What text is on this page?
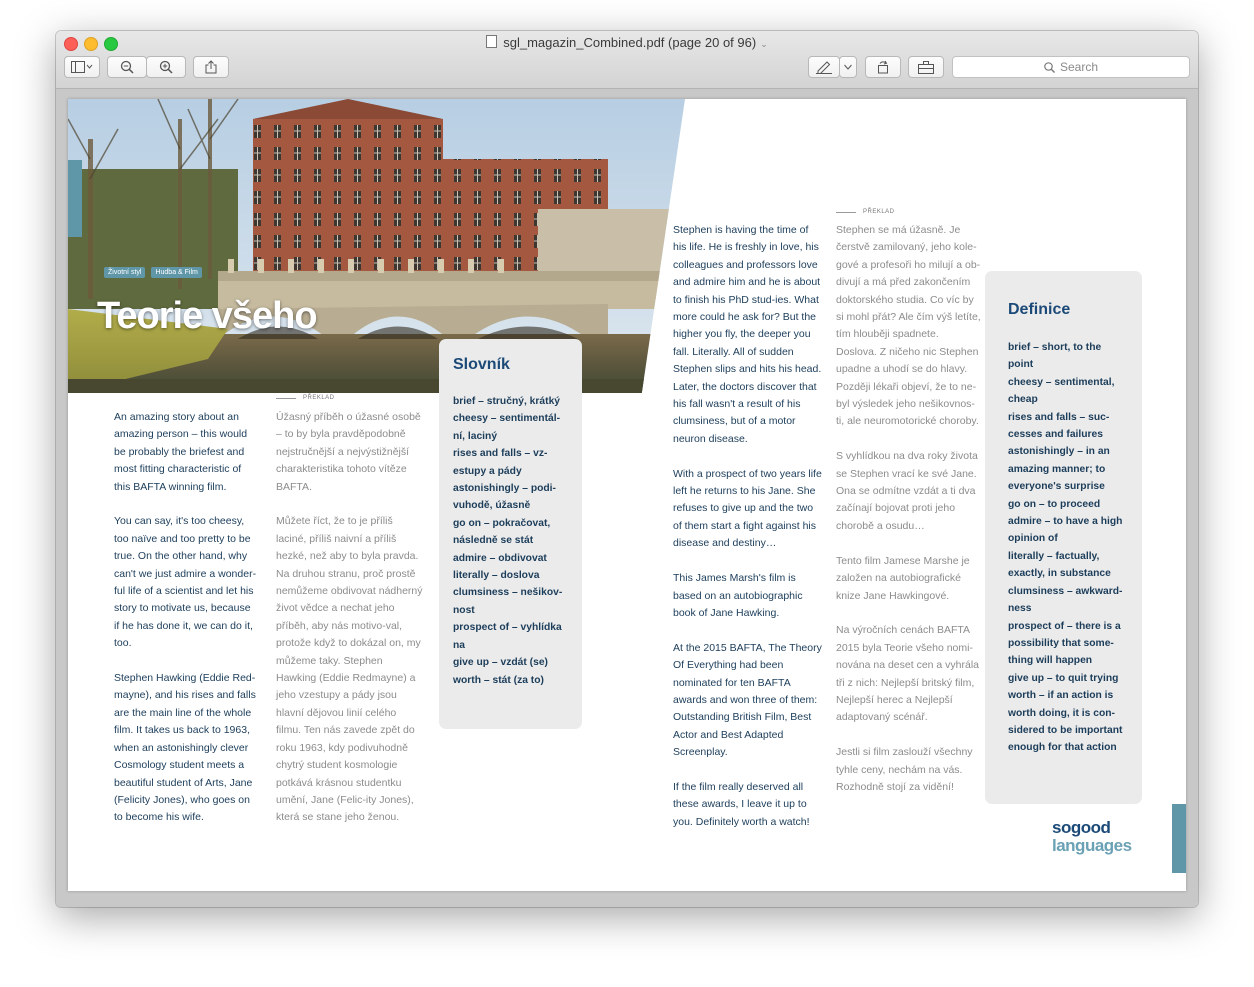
sgl_magazin_Combined.pdf (page 20 of 96) ⌄
Search
Životní styl	Hudba & Film
Teorie všeho

An amazing story about an amazing person – this would be probably the briefest and most fitting characteristic of this BAFTA winning film.

You can say, it's too cheesy, too naïve and too pretty to be true. On the other hand, why can't we just admire a wonder-ful life of a scientist and let his story to motivate us, because if he has done it, we can do it, too.

Stephen Hawking (Eddie Red-mayne), and his rises and falls are the main line of the whole film. It takes us back to 1963, when an astonishingly clever Cosmology student meets a beautiful student of Arts, Jane (Felicity Jones), who goes on to become his wife.

PŘEKLAD

Úžasný příběh o úžasné osobě – to by byla pravděpodobně nejstručnější a nejvýstižnější charakteristika tohoto vítěze BAFTA.

Můžete říct, že to je příliš laciné, příliš naivní a příliš hezké, než aby to byla pravda. Na druhou stranu, proč prostě nemůžeme obdivovat nádherný život vědce a nechat jeho příběh, aby nás motivo-val, protože když to dokázal on, my můžeme taky. Stephen Hawking (Eddie Redmayne) a jeho vzestupy a pády jsou hlavní dějovou linií celého filmu. Ten nás zavede zpět do roku 1963, kdy podivuhodně chytrý student kosmologie potkává krásnou studentku umění, Jane (Felic-ity Jones), která se stane jeho ženou.

Slovník
brief – stručný, krátký
cheesy – sentimentál-
ní, laciný
rises and falls – vz-
estupy a pády
astonishingly – podi-
vuhodě, úžasně
go on – pokračovat,
následně se stát
admire – obdivovat
literally – doslova
clumsiness – nešikov-
nost
prospect of – vyhlídka
na
give up – vzdát (se)
worth – stát (za to)

Stephen is having the time of his life. He is freshly in love, his colleagues and professors love and admire him and he is about to finish his PhD stud-ies. What more could he ask for? But the higher you fly, the deeper you fall. Literally. All of sudden Stephen slips and hits his head. Later, the doctors discover that his fall wasn't a result of his clumsiness, but of a motor neuron disease.

With a prospect of two years life left he returns to his Jane. She refuses to give up and the two of them start a fight against his disease and destiny…

This James Marsh's film is based on an autobiographic book of Jane Hawking.

At the 2015 BAFTA, The Theory Of Everything had been nominated for ten BAFTA awards and won three of them: Outstanding British Film, Best Actor and Best Adapted Screenplay.

If the film really deserved all these awards, I leave it up to you. Definitely worth a watch!

PŘEKLAD

Stephen se má úžasně. Je čerstvě zamilovaný, jeho kole-gové a profesoři ho milují a ob-divují a má před zakončením doktorského studia. Co víc by si mohl přát? Ale čím výš letíte, tím hlouběji spadnete. Doslova. Z ničeho nic Stephen upadne a uhodí se do hlavy. Později lékaři objeví, že to ne-byl výsledek jeho nešikovnos-ti, ale neuromotorické choroby.

S vyhlídkou na dva roky života se Stephen vrací ke své Jane. Ona se odmítne vzdát a ti dva začínají bojovat proti jeho chorobě a osudu…

Tento film Jamese Marshe je založen na autobiografické knize Jane Hawkingové.

Na výročních cenách BAFTA 2015 byla Teorie všeho nomi-nována na deset cen a vyhrála tři z nich: Nejlepší britský film, Nejlepší herec a Nejlepší adaptovaný scénář.

Jestli si film zaslouží všechny tyhle ceny, nechám na vás. Rozhodně stojí za vidění!

Definice
brief – short, to the
point
cheesy – sentimental,
cheap
rises and falls – suc-
cesses and failures
astonishingly – in an
amazing manner; to
everyone's surprise
go on – to proceed
admire – to have a high
opinion of
literally – factually,
exactly, in substance
clumsiness – awkward-
ness
prospect of – there is a
possibility that some-
thing will happen
give up – to quit trying
worth – if an action is
worth doing, it is con-
sidered to be important
enough for that action
sogood
languages
